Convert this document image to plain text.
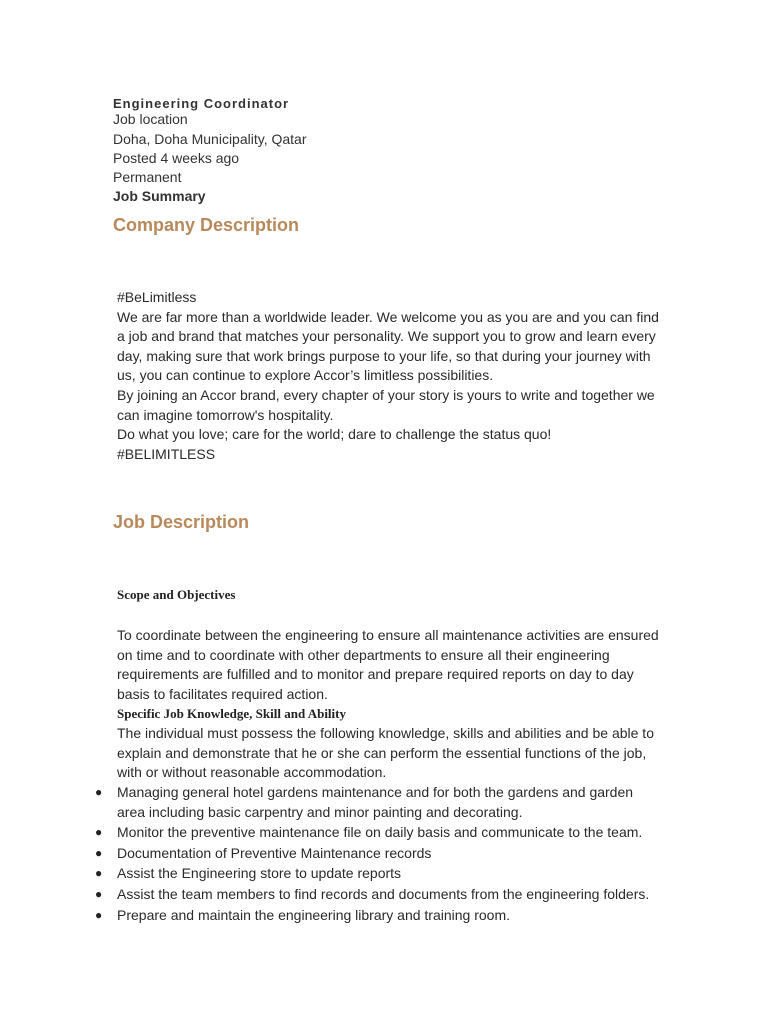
Engineering Coordinator
Job location
Doha, Doha Municipality, Qatar
Posted 4 weeks ago
Permanent
Job Summary
Company Description

#BeLimitless

We are far more than a worldwide leader. We welcome you as you are and you can find a job and brand that matches your personality. We support you to grow and learn every day, making sure that work brings purpose to your life, so that during your journey with us, you can continue to explore Accor’s limitless possibilities.

By joining an Accor brand, every chapter of your story is yours to write and together we can imagine tomorrow's hospitality.

Do what you love; care for the world; dare to challenge the status quo!

#BELIMITLESS

Job Description
Scope and Objectives

To coordinate between the engineering to ensure all maintenance activities are ensured on time and to coordinate with other departments to ensure all their engineering requirements are fulfilled and to monitor and prepare required reports on day to day basis to facilitates required action.

Specific Job Knowledge, Skill and Ability

The individual must possess the following knowledge, skills and abilities and be able to explain and demonstrate that he or she can perform the essential functions of the job, with or without reasonable accommodation.

● Managing general hotel gardens maintenance and for both the gardens and garden area including basic carpentry and minor painting and decorating.
● Monitor the preventive maintenance file on daily basis and communicate to the team.
● Documentation of Preventive Maintenance records
● Assist the Engineering store to update reports
● Assist the team members to find records and documents from the engineering folders.
● Prepare and maintain the engineering library and training room.
